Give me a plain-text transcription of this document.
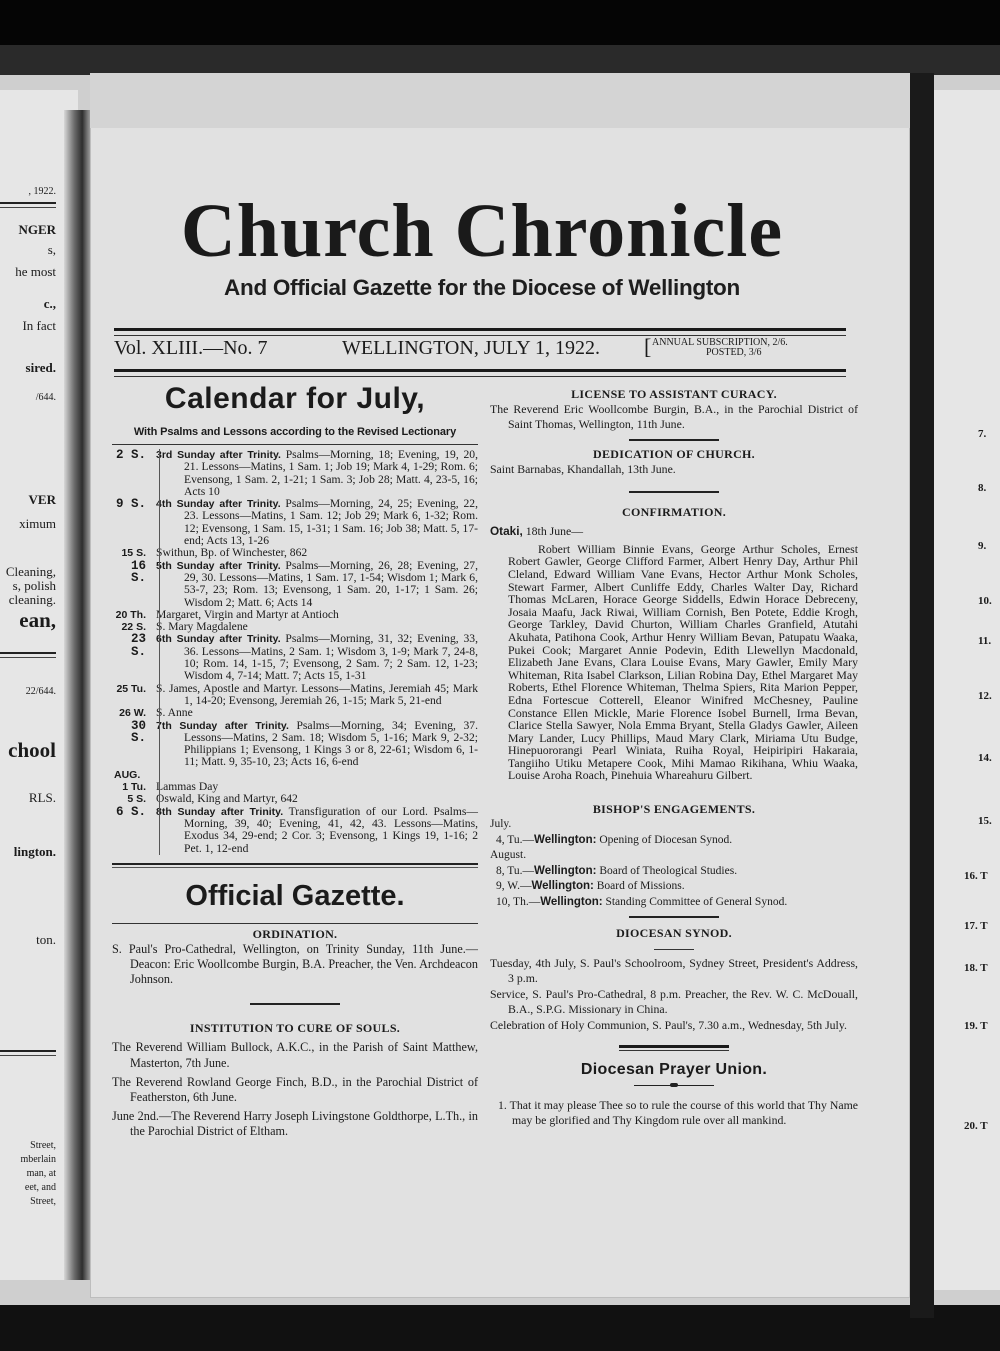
, 1922.
NGER
s,
he most
c.,
In fact
sired.
/644.
VER
ximum
Cleaning,
s, polish
cleaning.
ean,
22/644.
chool
RLS.
lington.
ton.
Street,
mberlain
man, at
eet, and
Street,
7.
8.
9.
10.
11.
12.
14.
15.
16. T
17. T
18. T
19. T
20. T
Church Chronicle
And Official Gazette for the Diocese of Wellington
Vol. XLIII.—No. 7	WELLINGTON, JULY 1, 1922. [ ANNUAL SUBSCRIPTION, 2/6.
POSTED, 3/6
Calendar for July,
With Psalms and Lessons according to the Revised Lectionary
2 S. 3rd Sunday after Trinity. Psalms—Morning, 18; Evening, 19, 20, 21. Lessons—Matins, 1 Sam. 1; Job 19; Mark 4, 1-29; Rom. 6; Evensong, 1 Sam. 2, 1-21; 1 Sam. 3; Job 28; Matt. 4, 23-5, 16; Acts 10
9 S. 4th Sunday after Trinity. Psalms—Morning, 24, 25; Evening, 22, 23. Lessons—Matins, 1 Sam. 12; Job 29; Mark 6, 1-32; Rom. 12; Evensong, 1 Sam. 15, 1-31; 1 Sam. 16; Job 38; Matt. 5, 17-end; Acts 13, 1-26
15 S. Swithun, Bp. of Winchester, 862
16 S.
5th Sunday after Trinity. Psalms—Morning, 26, 28; Evening, 27, 29, 30. Lessons—Matins, 1 Sam. 17, 1-54; Wisdom 1; Mark 6, 53-7, 23; Rom. 13; Evensong, 1 Sam. 20, 1-17; 1 Sam. 26; Wisdom 2; Matt. 6; Acts 14
20 Th. Margaret, Virgin and Martyr at Antioch
22 S. S. Mary Magdalene
23 S.
6th Sunday after Trinity. Psalms—Morning, 31, 32; Evening, 33, 36. Lessons—Matins, 2 Sam. 1; Wisdom 3, 1-9; Mark 7, 24-8, 10; Rom. 14, 1-15, 7; Evensong, 2 Sam. 7; 2 Sam. 12, 1-23; Wisdom 4, 7-14; Matt. 7; Acts 15, 1-31
25 Tu. S. James, Apostle and Martyr. Lessons—Matins, Jeremiah 45; Mark 1, 14-20; Evensong, Jeremiah 26, 1-15; Mark 5, 21-end
26 W. S. Anne
30 S.
7th Sunday after Trinity. Psalms—Morning, 34; Evening, 37. Lessons—Matins, 2 Sam. 18; Wisdom 5, 1-16; Mark 9, 2-32; Philippians 1; Evensong, 1 Kings 3 or 8, 22-61; Wisdom 6, 1-11; Matt. 9, 35-10, 23; Acts 16, 6-end
AUG.
1 Tu. Lammas Day
5 S. Oswald, King and Martyr, 642
6 S. 8th Sunday after Trinity. Transfiguration of our Lord. Psalms—Morning, 39, 40; Evening, 41, 42, 43. Lessons—Matins, Exodus 34, 29-end; 2 Cor. 3; Evensong, 1 Kings 19, 1-16; 2 Pet. 1, 12-end
Official Gazette.
ORDINATION.
S. Paul's Pro-Cathedral, Wellington, on Trinity Sunday, 11th June.—Deacon: Eric Woollcombe Burgin, B.A. Preacher, the Ven. Archdeacon Johnson.
INSTITUTION TO CURE OF SOULS.
The Reverend William Bullock, A.K.C., in the Parish of Saint Matthew, Masterton, 7th June.
The Reverend Rowland George Finch, B.D., in the Parochial District of Featherston, 6th June.
June 2nd.—The Reverend Harry Joseph Livingstone Goldthorpe, L.Th., in the Parochial District of Eltham.
LICENSE TO ASSISTANT CURACY.
The Reverend Eric Woollcombe Burgin, B.A., in the Parochial District of Saint Thomas, Wellington, 11th June.
DEDICATION OF CHURCH.
Saint Barnabas, Khandallah, 13th June.
CONFIRMATION.
Otaki, 18th June—
Robert William Binnie Evans, George Arthur Scholes, Ernest Robert Gawler, George Clifford Farmer, Albert Henry Day, Arthur Phil Cleland, Edward William Vane Evans, Hector Arthur Monk Scholes, Stewart Farmer, Albert Cunliffe Eddy, Charles Walter Day, Richard Thomas McLaren, Horace George Siddells, Edwin Horace Debreceny, Josaia Maafu, Jack Riwai, William Cornish, Ben Potete, Eddie Krogh, George Tarkley, David Churton, William Charles Granfield, Atutahi Akuhata, Patihona Cook, Arthur Henry William Bevan, Patupatu Waaka, Pukei Cook; Margaret Annie Podevin, Edith Llewellyn Macdonald, Elizabeth Jane Evans, Clara Louise Evans, Mary Gawler, Emily Mary Whiteman, Rita Isabel Clarkson, Lilian Robina Day, Ethel Margaret May Roberts, Ethel Florence Whiteman, Thelma Spiers, Rita Marion Pepper, Edna Fortescue Cotterell, Eleanor Winifred McChesney, Pauline Constance Ellen Mickle, Marie Florence Isobel Burnell, Irma Bevan, Clarice Stella Sawyer, Nola Emma Bryant, Stella Gladys Gawler, Aileen Mary Lander, Lucy Phillips, Maud Mary Clark, Miriama Utu Budge, Hinepuororangi Pearl Winiata, Ruiha Royal, Heipiripiri Hakaraia, Tangiiho Utiku Metapere Cook, Mihi Mamao Rikihana, Whiu Waaka, Louise Aroha Roach, Pinehuia Whareahuru Gilbert.
BISHOP'S ENGAGEMENTS.
July.
4, Tu.—Wellington: Opening of Diocesan Synod.
August.
8, Tu.—Wellington: Board of Theological Studies.
9, W.—Wellington: Board of Missions.
10, Th.—Wellington: Standing Committee of General Synod.
DIOCESAN SYNOD.
Tuesday, 4th July, S. Paul's Schoolroom, Sydney Street, President's Address, 3 p.m.
Service, S. Paul's Pro-Cathedral, 8 p.m. Preacher, the Rev. W. C. McDouall, B.A., S.P.G. Missionary in China.
Celebration of Holy Communion, S. Paul's, 7.30 a.m., Wednesday, 5th July.
Diocesan Prayer Union.
1. That it may please Thee so to rule the course of this world that Thy Name may be glorified and Thy Kingdom rule over all mankind.
